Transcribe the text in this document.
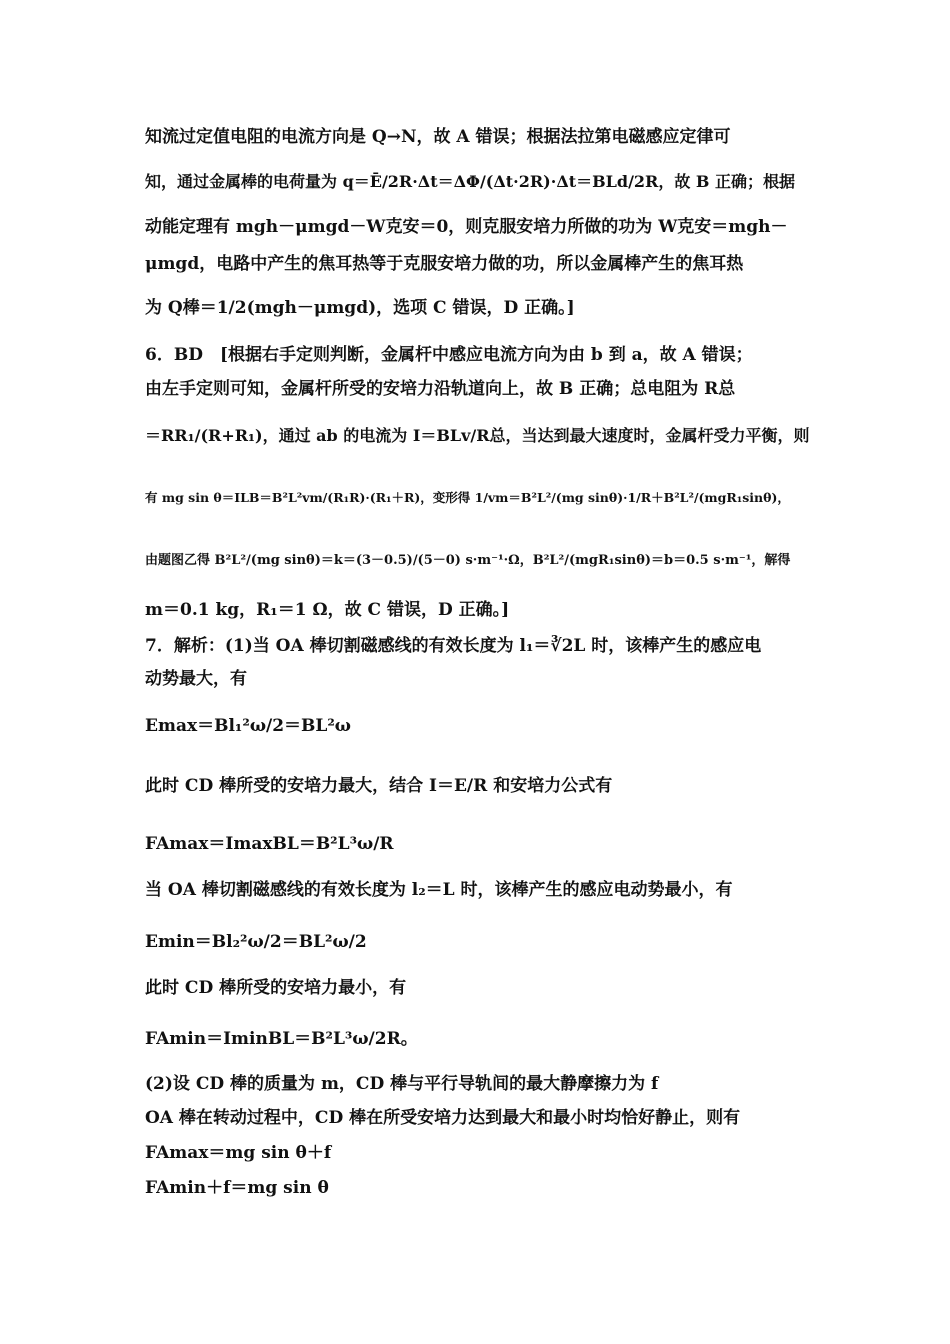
知流过定值电阻的电流方向是 Q→N，故 A 错误；根据法拉第电磁感应定律可
知，通过金属棒的电荷量为 q＝Ē/2R·Δt＝ΔΦ/(Δt·2R)·Δt＝BLd/2R，故 B 正确；根据
动能定理有 mgh－μmgd－W克安＝0，则克服安培力所做的功为 W克安＝mgh－
μmgd，电路中产生的焦耳热等于克服安培力做的功，所以金属棒产生的焦耳热
为 Q棒＝1/2(mgh－μmgd)，选项 C 错误，D 正确。]
6．BD　[根据右手定则判断，金属杆中感应电流方向为由 b 到 a，故 A 错误；
由左手定则可知，金属杆所受的安培力沿轨道向上，故 B 正确；总电阻为 R总
＝RR₁/(R+R₁)，通过 ab 的电流为 I＝BLv/R总，当达到最大速度时，金属杆受力平衡，则
有 mg sin θ＝ILB＝B²L²vm/(R₁R)·(R₁＋R)，变形得 1/vm＝B²L²/(mg sinθ)·1/R＋B²L²/(mgR₁sinθ)，
由题图乙得 B²L²/(mg sinθ)＝k＝(3－0.5)/(5－0) s·m⁻¹·Ω，B²L²/(mgR₁sinθ)＝b＝0.5 s·m⁻¹，解得
m＝0.1 kg，R₁＝1 Ω，故 C 错误，D 正确。]
7．解析：(1)当 OA 棒切割磁感线的有效长度为 l₁＝∛2L 时，该棒产生的感应电
动势最大，有
Emax＝Bl₁²ω/2＝BL²ω
此时 CD 棒所受的安培力最大，结合 I＝E/R 和安培力公式有
FAmax＝ImaxBL＝B²L³ω/R
当 OA 棒切割磁感线的有效长度为 l₂＝L 时，该棒产生的感应电动势最小，有
Emin＝Bl₂²ω/2＝BL²ω/2
此时 CD 棒所受的安培力最小，有
FAmin＝IminBL＝B²L³ω/2R。
(2)设 CD 棒的质量为 m，CD 棒与平行导轨间的最大静摩擦力为 f
OA 棒在转动过程中，CD 棒在所受安培力达到最大和最小时均恰好静止，则有
FAmax＝mg sin θ＋f
FAmin＋f＝mg sin θ
